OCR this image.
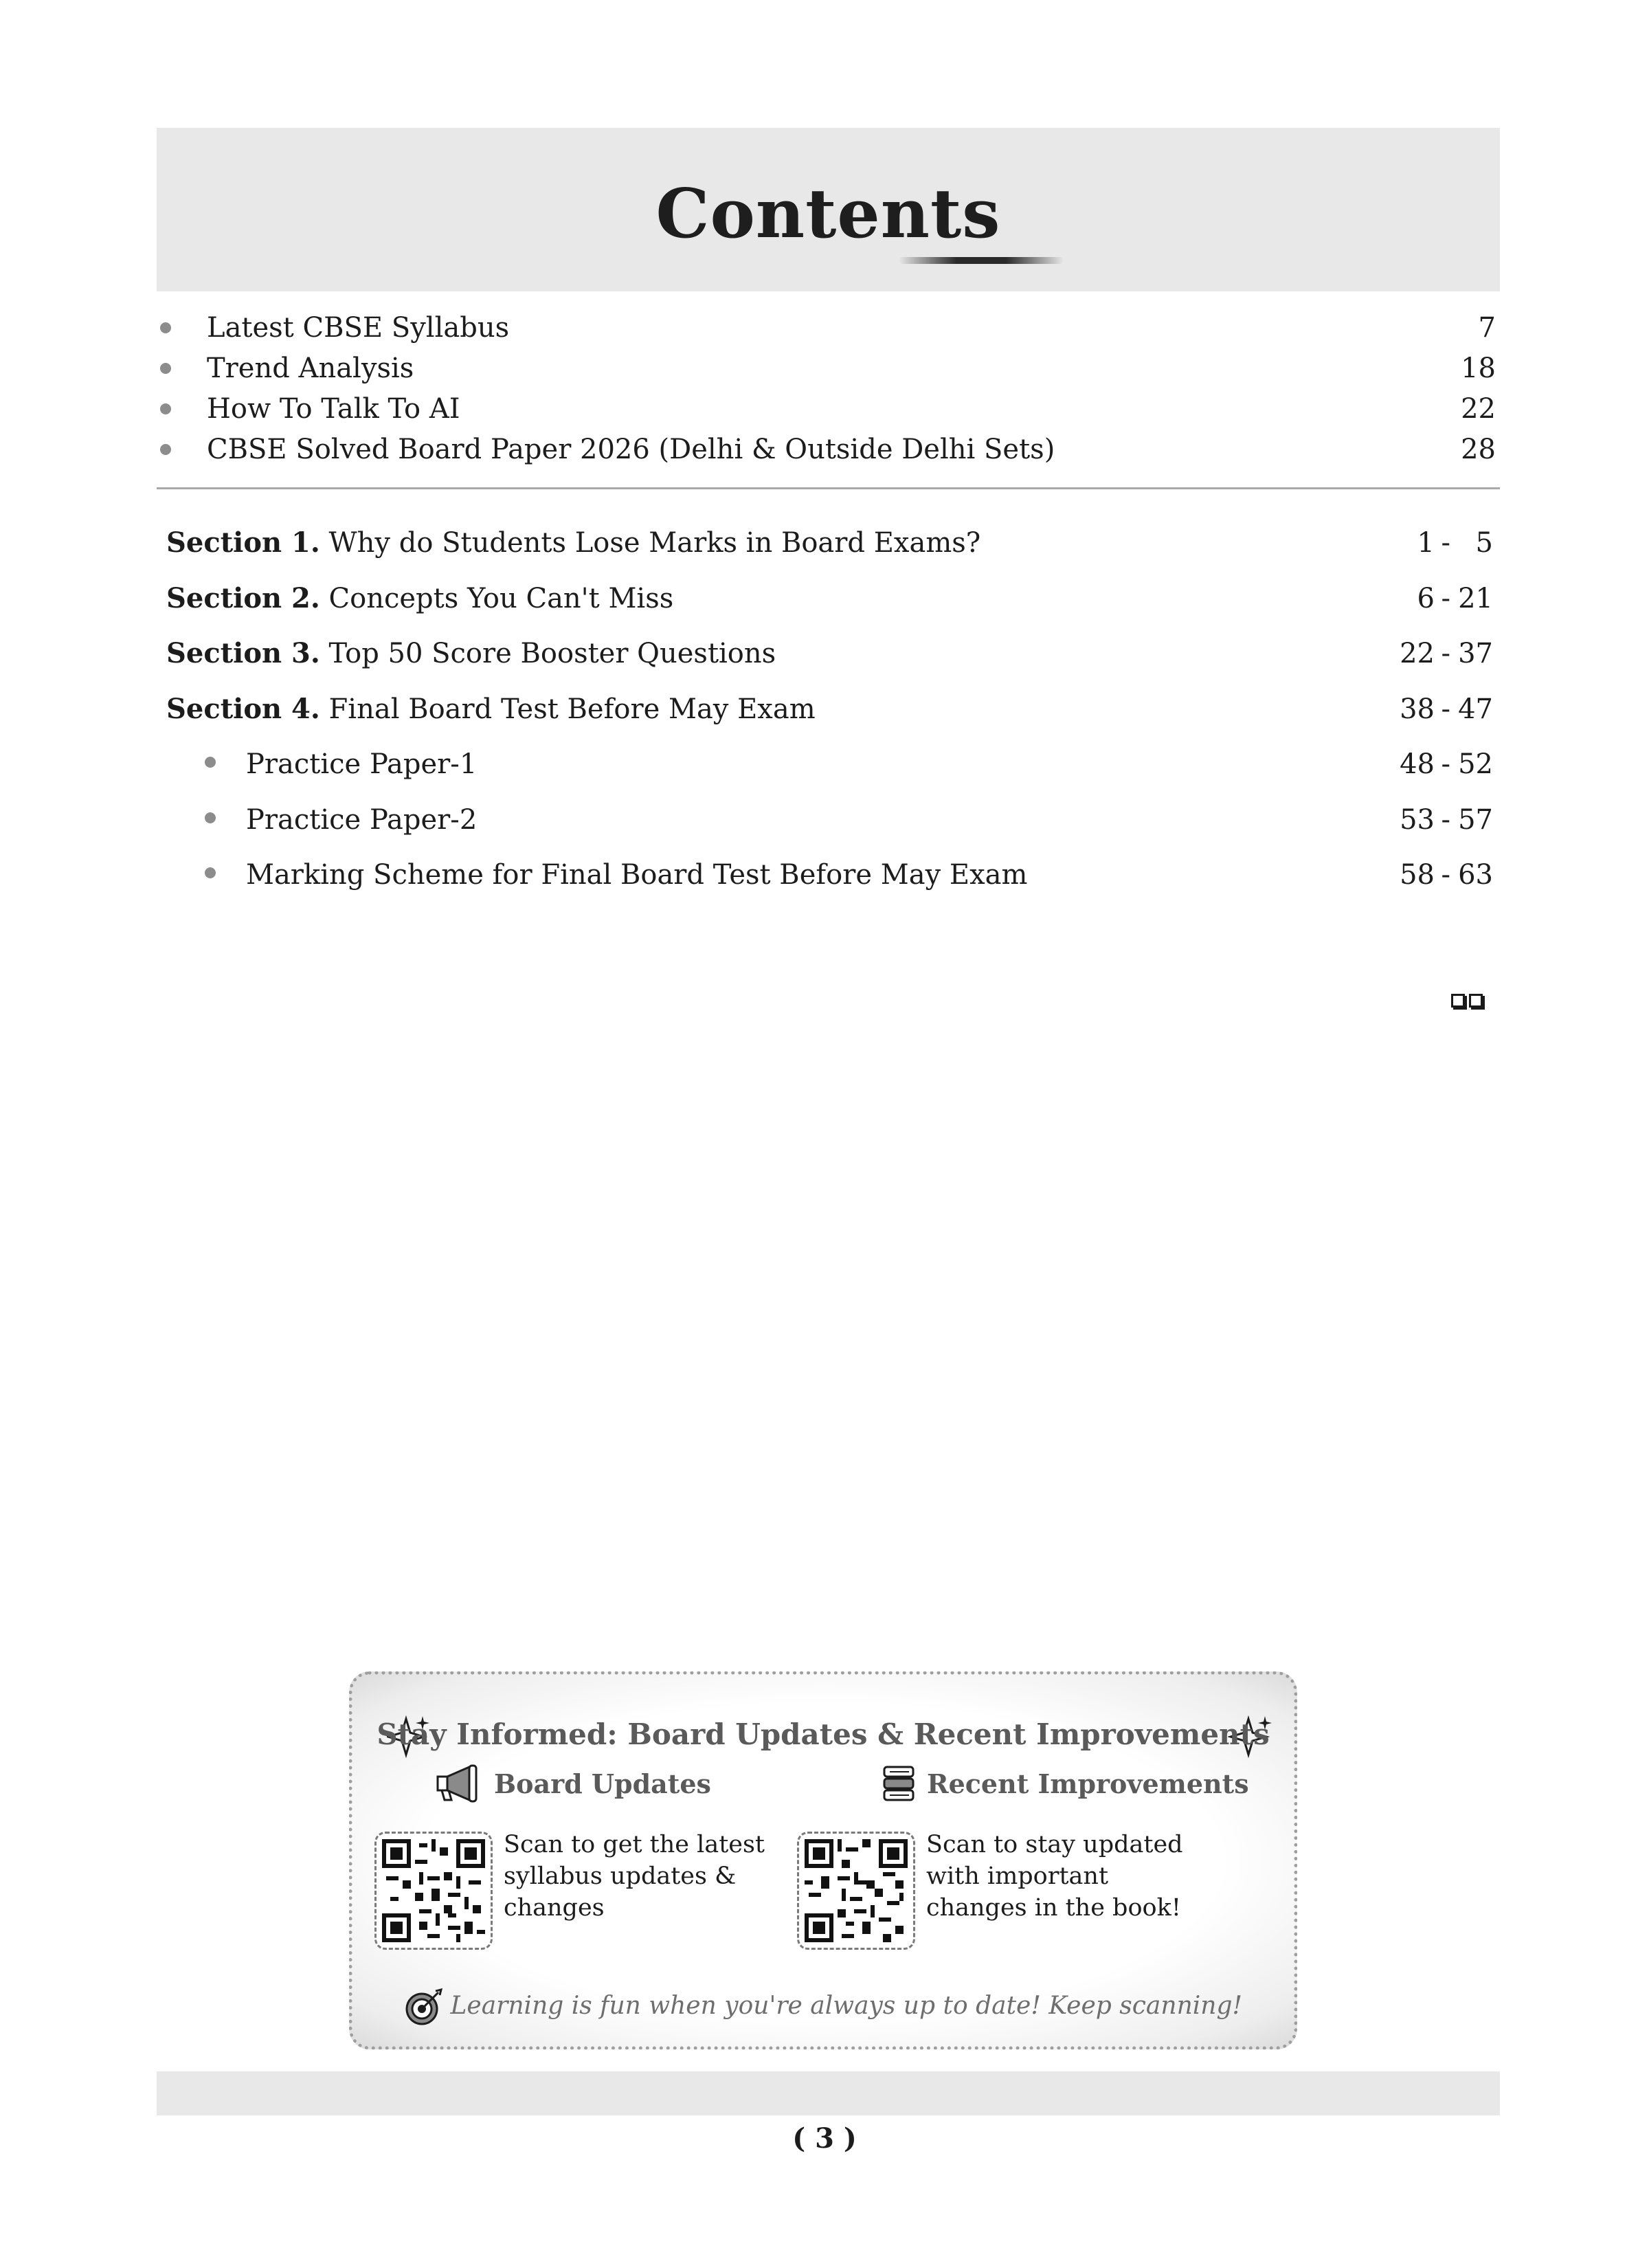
Contents
Latest CBSE Syllabus	7
Trend Analysis	18
How To Talk To AI	22
CBSE Solved Board Paper 2026 (Delhi & Outside Delhi Sets)	28
Section 1. Why do Students Lose Marks in Board Exams?	1 - 5
Section 2. Concepts You Can't Miss	6 - 21
Section 3. Top 50 Score Booster Questions	22 - 37
Section 4. Final Board Test Before May Exam	38 - 47
Practice Paper-1	48 - 52
Practice Paper-2	53 - 57
Marking Scheme for Final Board Test Before May Exam	58 - 63
Stay Informed: Board Updates & Recent Improvements
Board Updates	Recent Improvements
Scan to get the latest syllabus updates & changes
Scan to stay updated with important changes in the book!
Learning is fun when you're always up to date! Keep scanning!
( 3 )
